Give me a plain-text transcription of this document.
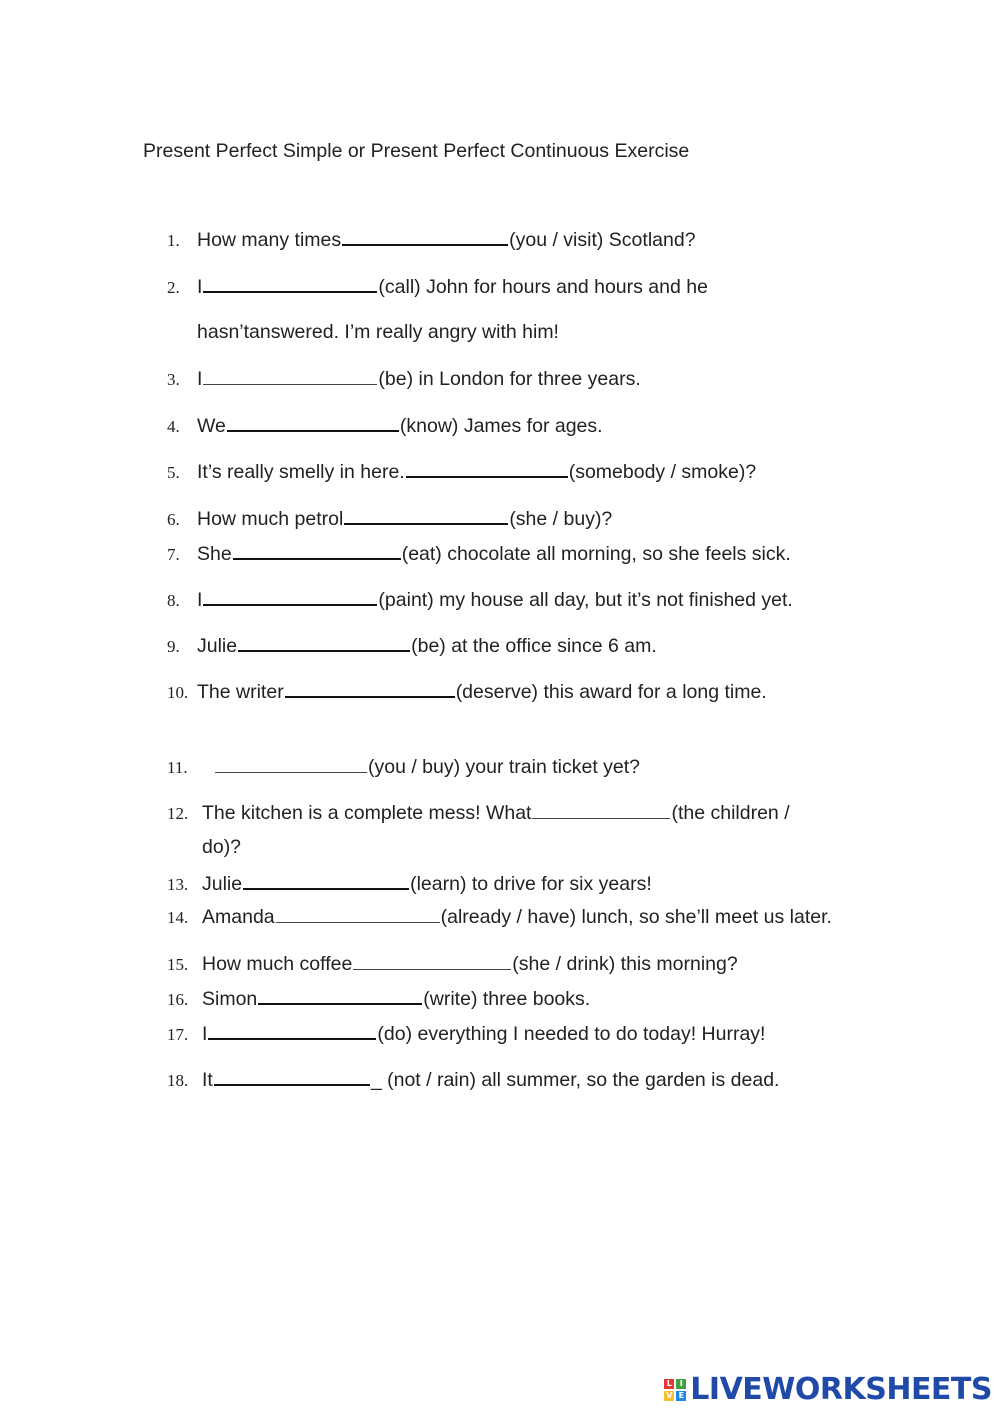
Present Perfect Simple or Present Perfect Continuous Exercise
1. How many times	(you / visit) Scotland?
2. I	(call) John for hours and hours and he
hasn’tanswered. I’m really angry with him!
3. I	(be) in London for three years.
4. We	(know) James for ages.
5. It’s really smelly in here.	(somebody / smoke)?
6. How much petrol	(she / buy)?
7. She	(eat) chocolate all morning, so she feels sick.
8. I	(paint) my house all day, but it’s not finished yet.
9. Julie	(be) at the office since 6 am.
10. The writer	(deserve) this award for a long time.
11.	(you / buy) your train ticket yet?
12. The kitchen is a complete mess! What	(the children /
do)?
13. Julie	(learn) to drive for six years!
14. Amanda	(already / have) lunch, so she’ll meet us later.
15. How much coffee	(she / drink) this morning?
16. Simon	(write) three books.
17. I	(do) everything I needed to do today! Hurray!
18. It	_ (not / rain) all summer, so the garden is dead.
L I
V E LIVEWORKSHEETS
